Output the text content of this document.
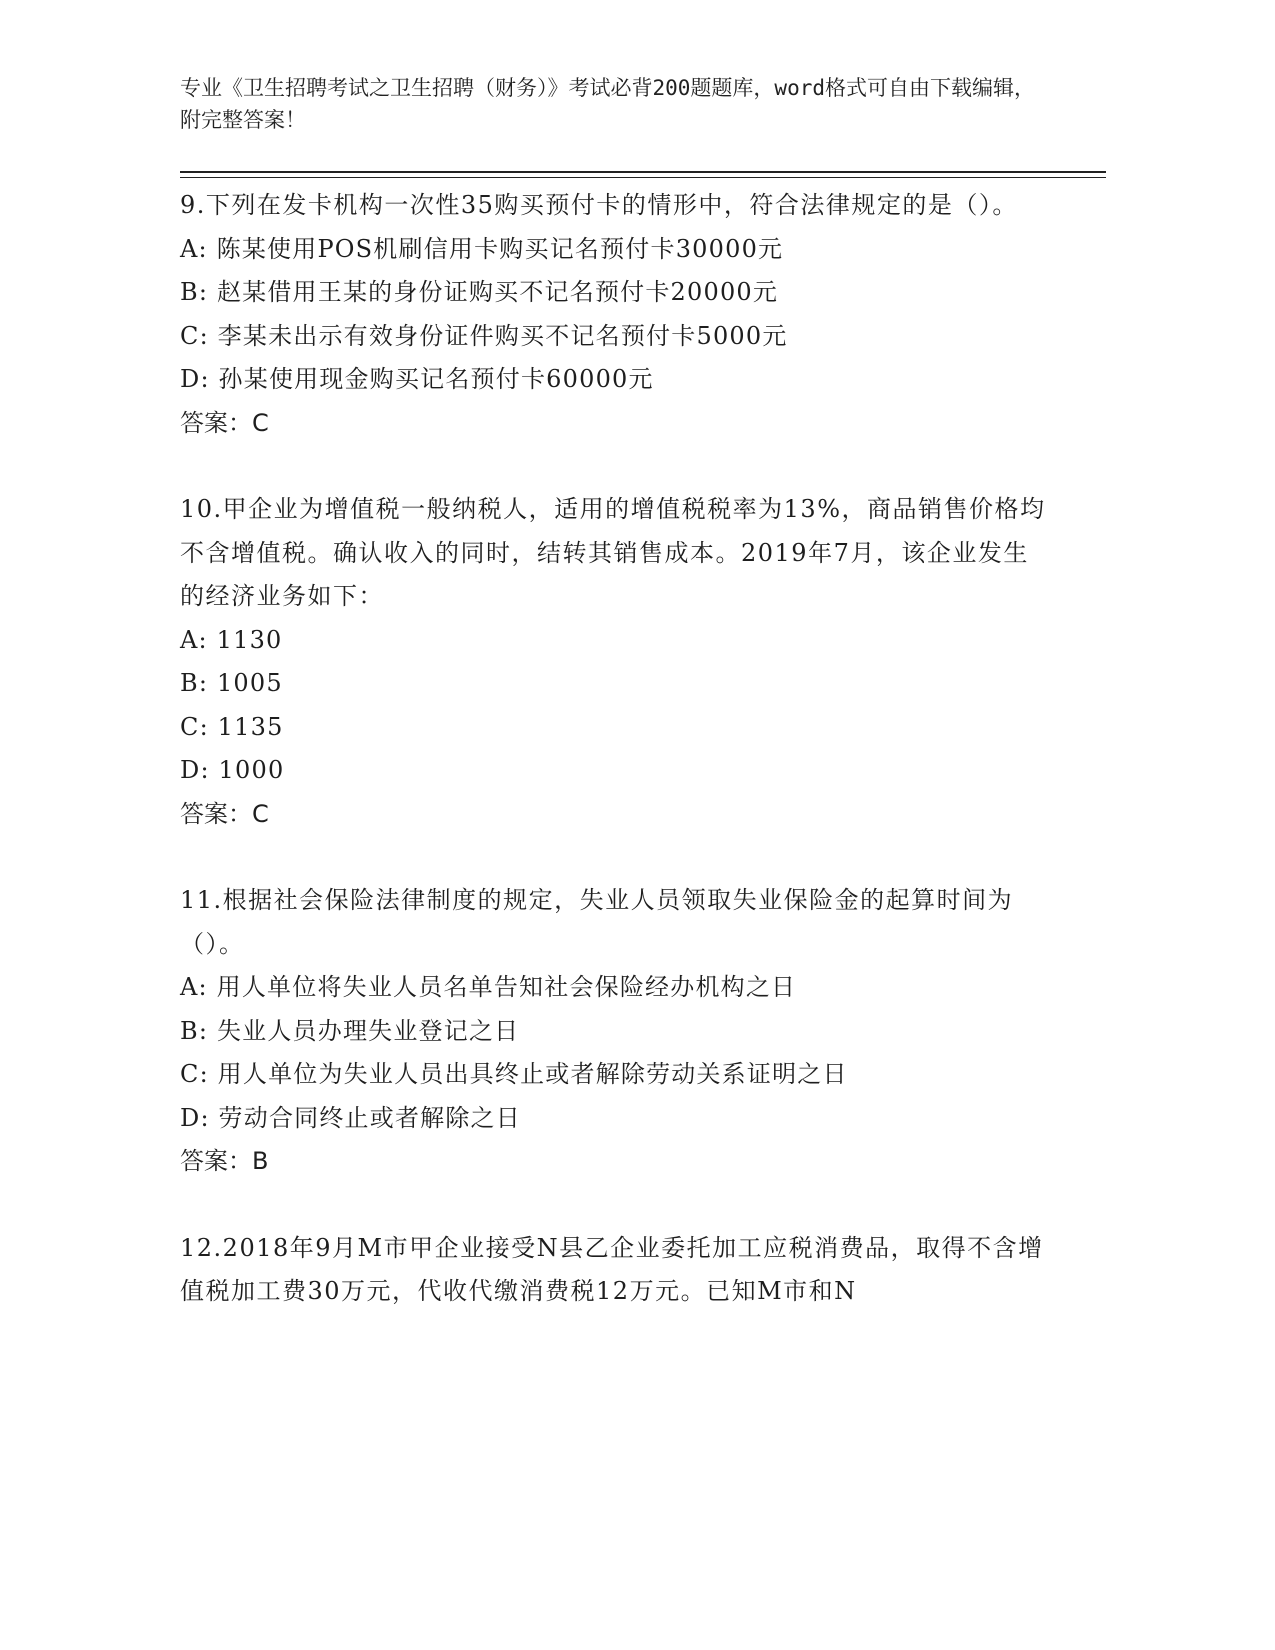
专业《卫生招聘考试之卫生招聘（财务）》考试必背200题题库，word格式可自由下载编辑，附完整答案！

9.下列在发卡机构一次性35购买预付卡的情形中，符合法律规定的是（）。

A: 陈某使用POS机刷信用卡购买记名预付卡30000元

B: 赵某借用王某的身份证购买不记名预付卡20000元

C: 李某未出示有效身份证件购买不记名预付卡5000元

D: 孙某使用现金购买记名预付卡60000元

答案：C

10.甲企业为增值税一般纳税人，适用的增值税税率为13%，商品销售价格均不含增值税。确认收入的同时，结转其销售成本。2019年7月，该企业发生的经济业务如下：

A: 1130

B: 1005

C: 1135

D: 1000

答案：C

11.根据社会保险法律制度的规定，失业人员领取失业保险金的起算时间为（）。

A: 用人单位将失业人员名单告知社会保险经办机构之日

B: 失业人员办理失业登记之日

C: 用人单位为失业人员出具终止或者解除劳动关系证明之日

D: 劳动合同终止或者解除之日

答案：B

12.2018年9月M市甲企业接受N县乙企业委托加工应税消费品，取得不含增值税加工费30万元，代收代缴消费税12万元。已知M市和N
